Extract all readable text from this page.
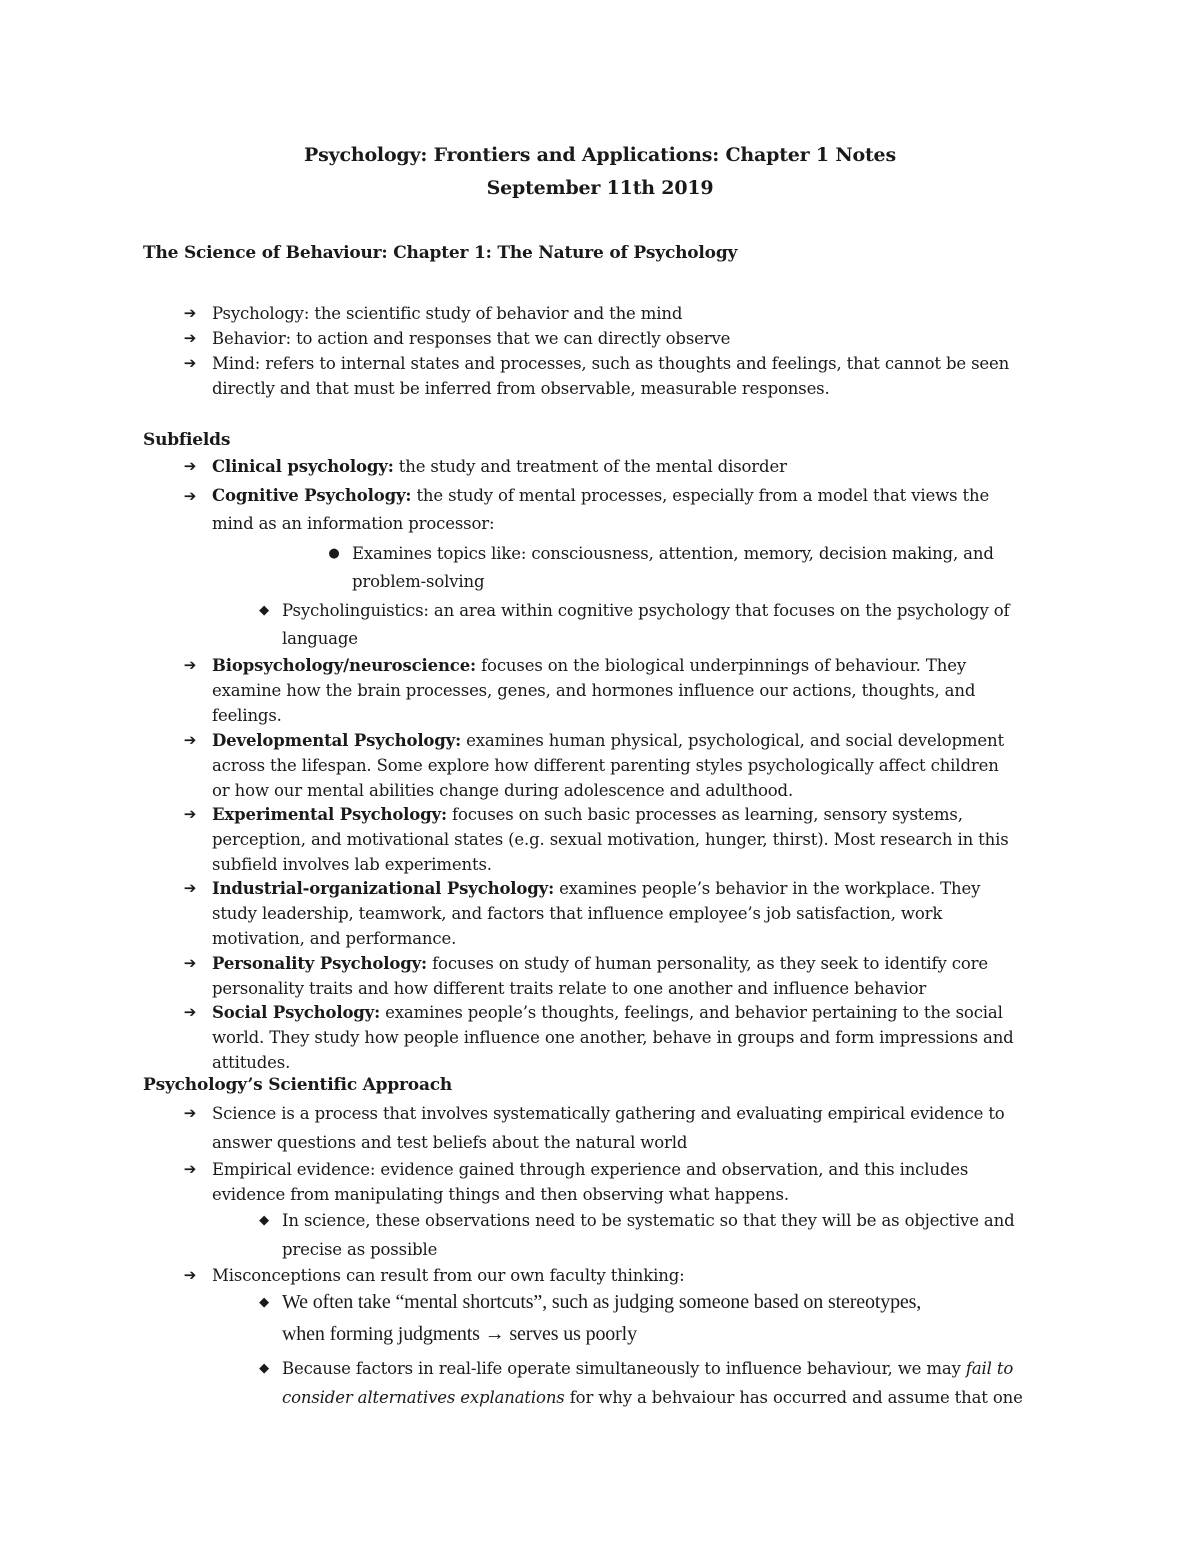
Psychology: Frontiers and Applications: Chapter 1 Notes
September 11th 2019
The Science of Behaviour: Chapter 1: The Nature of Psychology
➔ Psychology: the scientific study of behavior and the mind
➔ Behavior: to action and responses that we can directly observe
➔ Mind: refers to internal states and processes, such as thoughts and feelings, that cannot be seen
directly and that must be inferred from observable, measurable responses.
Subfields
➔ Clinical psychology: the study and treatment of the mental disorder
➔ Cognitive Psychology: the study of mental processes, especially from a model that views the
mind as an information processor:
● Examines topics like: consciousness, attention, memory, decision making, and
problem-solving
◆ Psycholinguistics: an area within cognitive psychology that focuses on the psychology of
language
➔ Biopsychology/neuroscience: focuses on the biological underpinnings of behaviour. They
examine how the brain processes, genes, and hormones influence our actions, thoughts, and
feelings.
➔ Developmental Psychology: examines human physical, psychological, and social development
across the lifespan. Some explore how different parenting styles psychologically affect children
or how our mental abilities change during adolescence and adulthood.
➔ Experimental Psychology: focuses on such basic processes as learning, sensory systems,
perception, and motivational states (e.g. sexual motivation, hunger, thirst). Most research in this
subfield involves lab experiments.
➔ Industrial-organizational Psychology: examines people’s behavior in the workplace. They
study leadership, teamwork, and factors that influence employee’s job satisfaction, work
motivation, and performance.
➔ Personality Psychology: focuses on study of human personality, as they seek to identify core
personality traits and how different traits relate to one another and influence behavior
➔ Social Psychology: examines people’s thoughts, feelings, and behavior pertaining to the social
world. They study how people influence one another, behave in groups and form impressions and
attitudes.
Psychology’s Scientific Approach
➔ Science is a process that involves systematically gathering and evaluating empirical evidence to
answer questions and test beliefs about the natural world
➔ Empirical evidence: evidence gained through experience and observation, and this includes
evidence from manipulating things and then observing what happens.
◆ In science, these observations need to be systematic so that they will be as objective and
precise as possible
➔ Misconceptions can result from our own faculty thinking:
◆ We often take “mental shortcuts”, such as judging someone based on stereotypes,
when forming judgments → serves us poorly
◆ Because factors in real-life operate simultaneously to influence behaviour, we may fail to
consider alternatives explanations for why a behvaiour has occurred and assume that one
